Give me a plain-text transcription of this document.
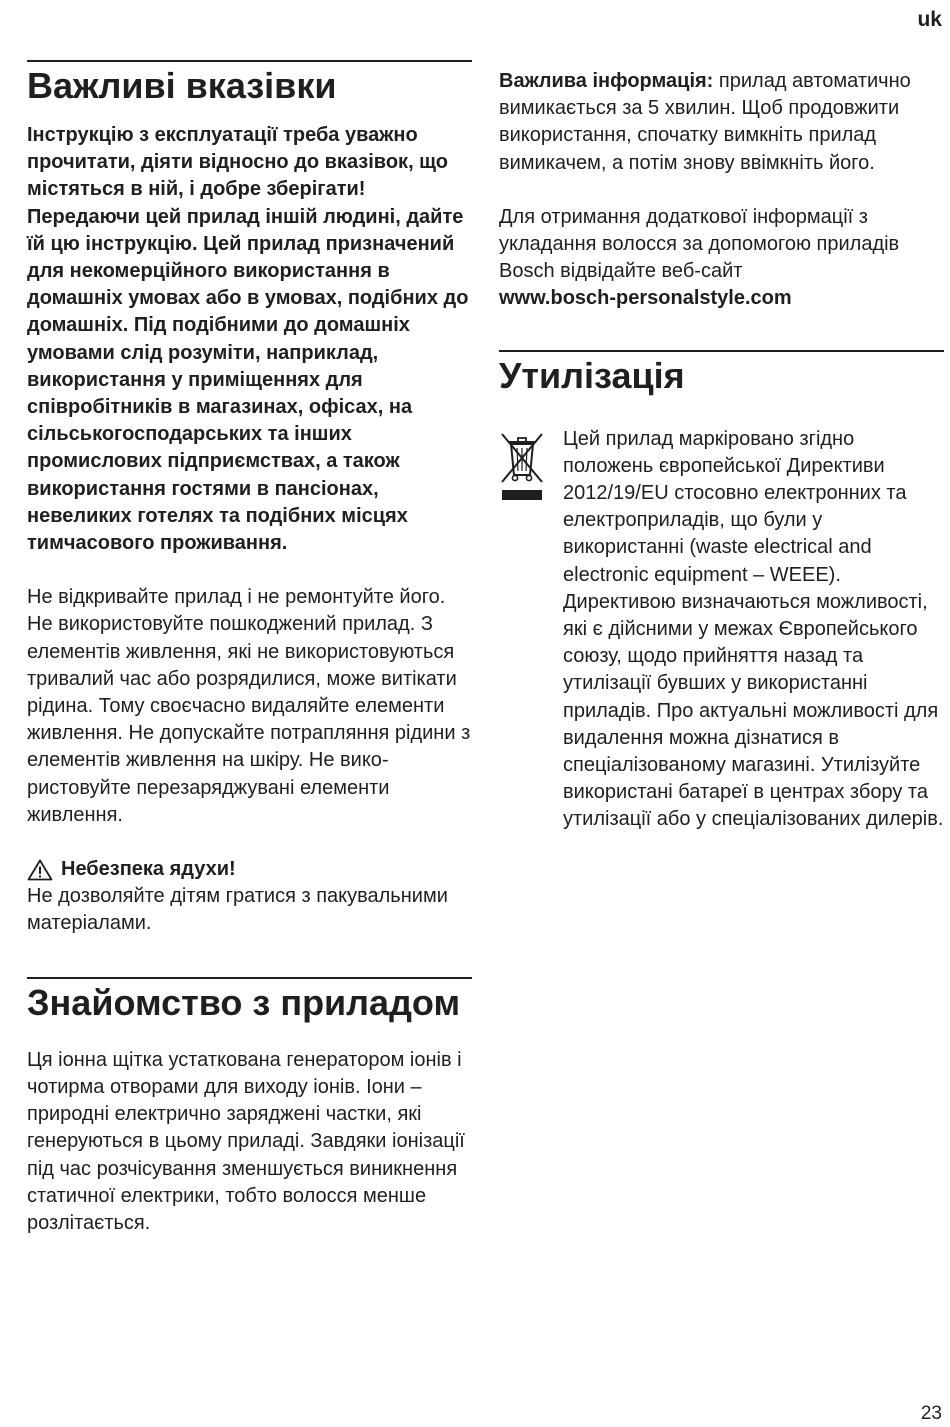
uk
Важливі вказівки

Інструкцію з експлуатації треба уважно прочитати, діяти відносно до вказівок, що містяться в ній, і добре зберігати! Передаючи цей прилад іншій людині, дайте їй цю інструкцію. Цей прилад призначений для некомерційного використання в домашніх умовах або в умовах, подібних до домашніх. Під подібними до домашніх умовами слід розуміти, наприклад, використання у приміщеннях для співробітників в магазинах, офісах, на сільськогосподарських та інших промислових підприємствах, а також використання гостями в пансіонах, невеликих готелях та подібних місцях тимчасового проживання.

Не відкривайте прилад і не ремонтуйте його. Не використовуйте пошкоджений прилад. З елементів живлення, які не використовуються тривалий час або розрядилися, може витікати рідина. Тому своєчасно видаляйте елементи живлення. Не допускайте потрапляння рідини з елементів живлення на шкіру. Не використовуйте перезаряджувані елементи живлення.

Небезпека ядухи!

Не дозволяйте дітям гратися з пакувальними матеріалами.

Знайомство з приладом

Ця іонна щітка устаткована генератором іонів і чотирма отворами для виходу іонів. Іони – природні електрично заряджені частки, які генеруються в цьому приладі. Завдяки іонізації під час розчісування зменшується виникнення статичної електрики, тобто волосся менше розлітається.

Важлива інформація: прилад автоматично вимикається за 5 хвилин. Щоб продовжити використання, спочатку вимкніть прилад вимикачем, а потім знову ввімкніть його.

Для отримання додаткової інформації з укладання волосся за допомогою приладів Bosch відвідайте веб-сайт
www.bosch-personalstyle.com

Утилізація

Цей прилад маркіровано згідно положень європейської Директиви 2012/19/EU стосовно електронних та електроприладів, що були у використанні (waste electrical and electronic equipment – WEEE). Директивою визначаються можливості, які є дійсними у межах Європейського союзу, щодо прийняття назад та утилізації бувших у використанні приладів. Про актуальні можливості для видалення можна дізнатися в спеціалізованому магазині. Утилізуйте використані батареї в центрах збору та утилізації або у спеціалізованих дилерів.

23
